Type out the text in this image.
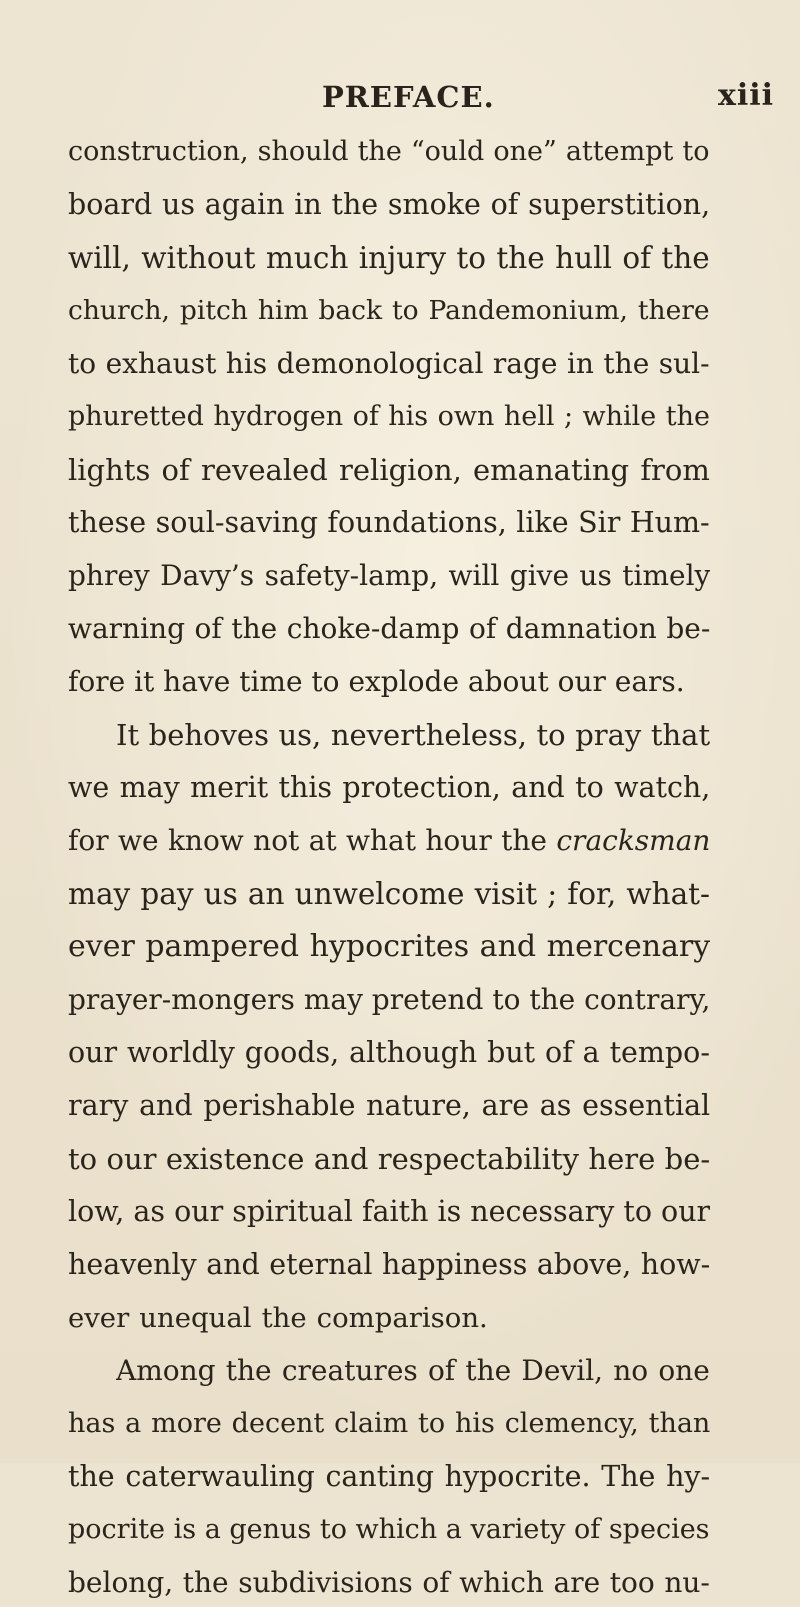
PREFACE.	xiii
construction, should the “ould one” attempt to
board us again in the smoke of superstition,
will, without much injury to the hull of the
church, pitch him back to Pandemonium, there
to exhaust his demonological rage in the sul-
phuretted hydrogen of his own hell ; while the
lights of revealed religion, emanating from
these soul-saving foundations, like Sir Hum-
phrey Davy’s safety-lamp, will give us timely
warning of the choke-damp of damnation be-
fore it have time to explode about our ears.
It behoves us, nevertheless, to pray that
we may merit this protection, and to watch,
for we know not at what hour the cracksman
may pay us an unwelcome visit ; for, what-
ever pampered hypocrites and mercenary
prayer-mongers may pretend to the contrary,
our worldly goods, although but of a tempo-
rary and perishable nature, are as essential
to our existence and respectability here be-
low, as our spiritual faith is necessary to our
heavenly and eternal happiness above, how-
ever unequal the comparison.
Among the creatures of the Devil, no one
has a more decent claim to his clemency, than
the caterwauling canting hypocrite. The hy-
pocrite is a genus to which a variety of species
belong, the subdivisions of which are too nu-
